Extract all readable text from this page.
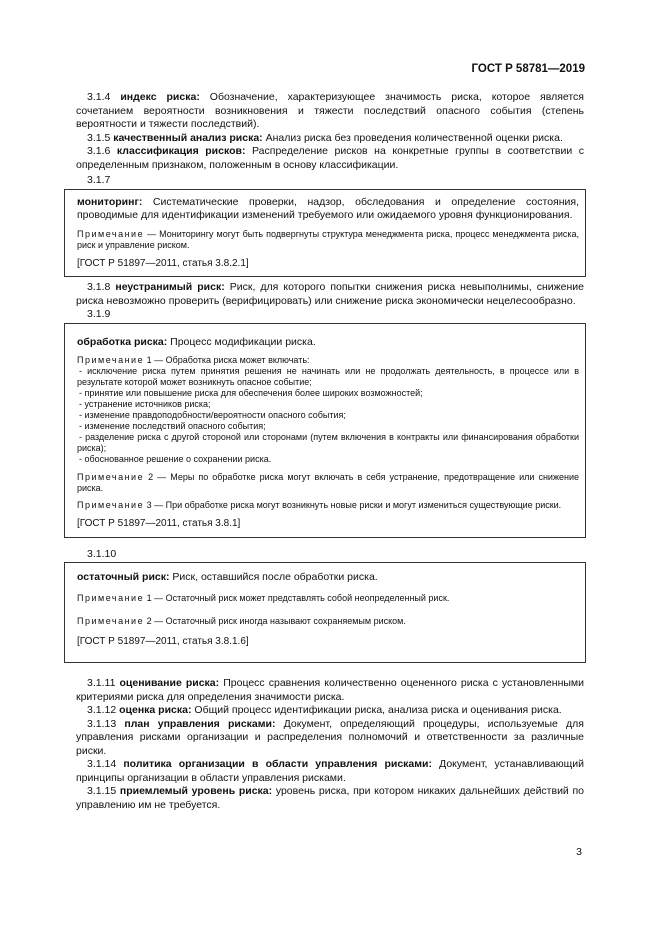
ГОСТ Р 58781—2019

3.1.4 индекс риска: Обозначение, характеризующее значимость риска, которое является сочетанием вероятности возникновения и тяжести последствий опасного события (степень вероятности и тяжести последствий).

3.1.5 качественный анализ риска: Анализ риска без проведения количественной оценки риска.

3.1.6 классификация рисков: Распределение рисков на конкретные группы в соответствии с определенным признаком, положенным в основу классификации.

3.1.7

мониторинг: Систематические проверки, надзор, обследования и определение состояния, проводимые для идентификации изменений требуемого или ожидаемого уровня функционирования.

Примечание — Мониторингу могут быть подвергнуты структура менеджмента риска, процесс менеджмента риска, риск и управление риском.

[ГОСТ Р 51897—2011, статья 3.8.2.1]

3.1.8 неустранимый риск: Риск, для которого попытки снижения риска невыполнимы, снижение риска невозможно проверить (верифицировать) или снижение риска экономически нецелесообразно.

3.1.9

обработка риска: Процесс модификации риска.

Примечание 1 — Обработка риска может включать:

- исключение риска путем принятия решения не начинать или не продолжать деятельность, в процессе или в результате которой может возникнуть опасное событие;

- принятие или повышение риска для обеспечения более широких возможностей;

- устранение источников риска;

- изменение правдоподобности/вероятности опасного события;

- изменение последствий опасного события;

- разделение риска с другой стороной или сторонами (путем включения в контракты или финансирования обработки риска);

- обоснованное решение о сохранении риска.

Примечание 2 — Меры по обработке риска могут включать в себя устранение, предотвращение или снижение риска.

Примечание 3 — При обработке риска могут возникнуть новые риски и могут измениться существующие риски.

[ГОСТ Р 51897—2011, статья 3.8.1]

3.1.10

остаточный риск: Риск, оставшийся после обработки риска.

Примечание 1 — Остаточный риск может представлять собой неопределенный риск.

Примечание 2 — Остаточный риск иногда называют сохраняемым риском.

[ГОСТ Р 51897—2011, статья 3.8.1.6]

3.1.11 оценивание риска: Процесс сравнения количественно оцененного риска с установленными критериями риска для определения значимости риска.

3.1.12 оценка риска: Общий процесс идентификации риска, анализа риска и оценивания риска.

3.1.13 план управления рисками: Документ, определяющий процедуры, используемые для управления рисками организации и распределения полномочий и ответственности за различные риски.

3.1.14 политика организации в области управления рисками: Документ, устанавливающий принципы организации в области управления рисками.

3.1.15 приемлемый уровень риска: уровень риска, при котором никаких дальнейших действий по управлению им не требуется.

3
